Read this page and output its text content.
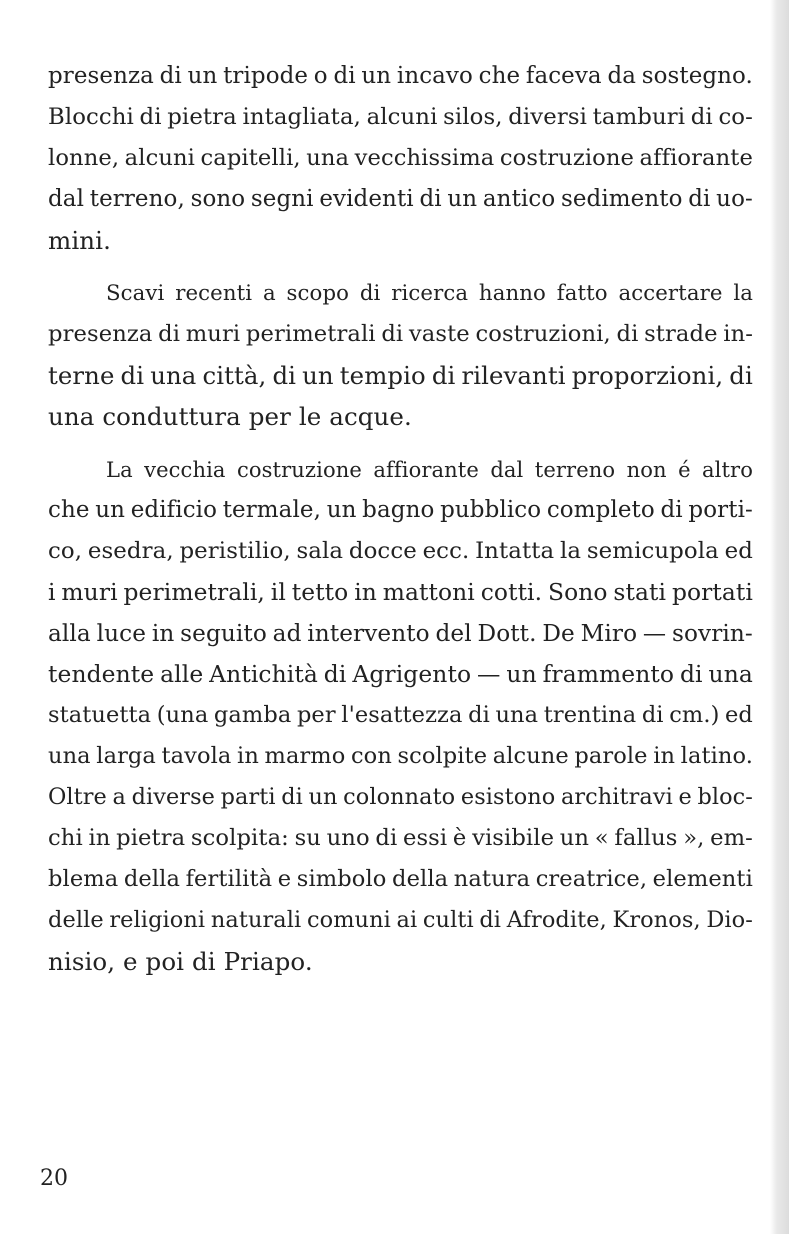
presenza di un tripode o di un incavo che faceva da sostegno.
Blocchi di pietra intagliata, alcuni silos, diversi tamburi di co-
lonne, alcuni capitelli, una vecchissima costruzione affiorante
dal terreno, sono segni evidenti di un antico sedimento di uo-
mini.
Scavi recenti a scopo di ricerca hanno fatto accertare la
presenza di muri perimetrali di vaste costruzioni, di strade in-
terne di una città, di un tempio di rilevanti proporzioni, di
una conduttura per le acque.
La vecchia costruzione affiorante dal terreno non é altro
che un edificio termale, un bagno pubblico completo di porti-
co, esedra, peristilio, sala docce ecc. Intatta la semicupola ed
i muri perimetrali, il tetto in mattoni cotti. Sono stati portati
alla luce in seguito ad intervento del Dott. De Miro — sovrin-
tendente alle Antichità di Agrigento — un frammento di una
statuetta (una gamba per l'esattezza di una trentina di cm.) ed
una larga tavola in marmo con scolpite alcune parole in latino.
Oltre a diverse parti di un colonnato esistono architravi e bloc-
chi in pietra scolpita: su uno di essi è visibile un « fallus », em-
blema della fertilità e simbolo della natura creatrice, elementi
delle religioni naturali comuni ai culti di Afrodite, Kronos, Dio-
nisio, e poi di Priapo.
20
